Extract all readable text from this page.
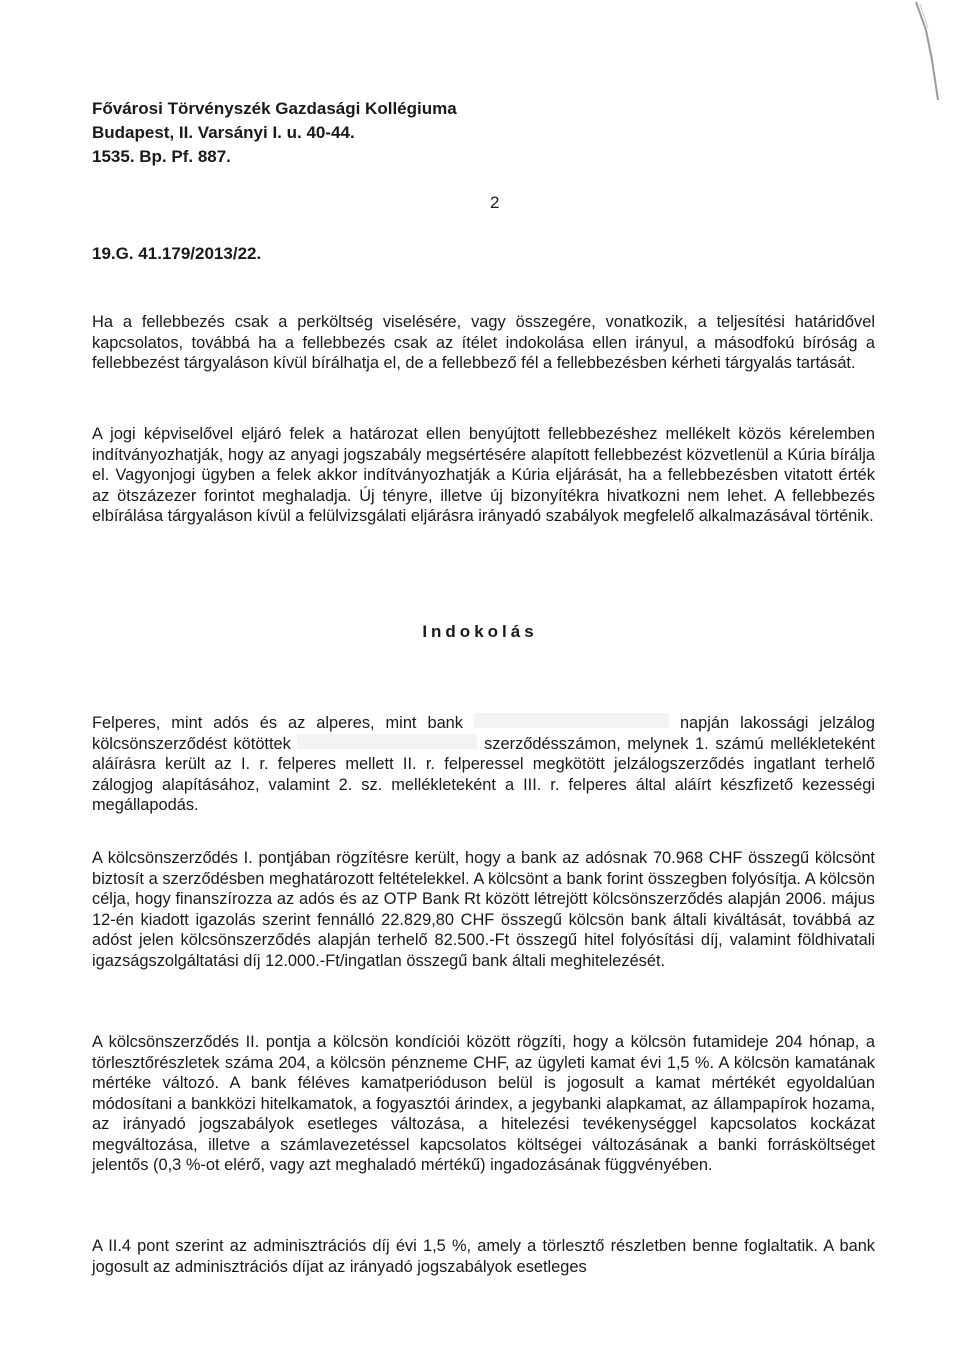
Fővárosi Törvényszék Gazdasági Kollégiuma
Budapest, II. Varsányi I. u. 40-44.
1535. Bp. Pf. 887.
2
19.G. 41.179/2013/22.
Ha a fellebbezés csak a perköltség viselésére, vagy összegére, vonatkozik, a teljesítési határidővel kapcsolatos, továbbá ha a fellebbezés csak az ítélet indokolása ellen irányul, a másodfokú bíróság a fellebbezést tárgyaláson kívül bírálhatja el, de a fellebbező fél a fellebbezésben kérheti tárgyalás tartását.
A jogi képviselővel eljáró felek a határozat ellen benyújtott fellebbezéshez mellékelt közös kérelemben indítványozhatják, hogy az anyagi jogszabály megsértésére alapított fellebbezést közvetlenül a Kúria bírálja el. Vagyonjogi ügyben a felek akkor indítványozhatják a Kúria eljárását, ha a fellebbezésben vitatott érték az ötszázezer forintot meghaladja. Új tényre, illetve új bizonyítékra hivatkozni nem lehet. A fellebbezés elbírálása tárgyaláson kívül a felülvizsgálati eljárásra irányadó szabályok megfelelő alkalmazásával történik.
Indokolás
Felperes, mint adós és az alperes, mint bank	napján lakossági jelzálog kölcsönszerződést kötöttek	szerződésszámon, melynek 1. számú mellékleteként aláírásra került az I. r. felperes mellett II. r. felperessel megkötött jelzálogszerződés ingatlant terhelő zálogjog alapításához, valamint 2. sz. mellékleteként a III. r. felperes által aláírt készfizető kezességi megállapodás.
A kölcsönszerződés I. pontjában rögzítésre került, hogy a bank az adósnak 70.968 CHF összegű kölcsönt biztosít a szerződésben meghatározott feltételekkel. A kölcsönt a bank forint összegben folyósítja. A kölcsön célja, hogy finanszírozza az adós és az OTP Bank Rt között létrejött kölcsönszerződés alapján 2006. május 12-én kiadott igazolás szerint fennálló 22.829,80 CHF összegű kölcsön bank általi kiváltását, továbbá az adóst jelen kölcsönszerződés alapján terhelő 82.500.-Ft összegű hitel folyósítási díj, valamint földhivatali igazságszolgáltatási díj 12.000.-Ft/ingatlan összegű bank általi meghitelezését.
A kölcsönszerződés II. pontja a kölcsön kondíciói között rögzíti, hogy a kölcsön futamideje 204 hónap, a törlesztőrészletek száma 204, a kölcsön pénzneme CHF, az ügyleti kamat évi 1,5 %. A kölcsön kamatának mértéke változó. A bank féléves kamatperióduson belül is jogosult a kamat mértékét egyoldalúan módosítani a bankközi hitelkamatok, a fogyasztói árindex, a jegybanki alapkamat, az állampapírok hozama, az irányadó jogszabályok esetleges változása, a hitelezési tevékenységgel kapcsolatos kockázat megváltozása, illetve a számlavezetéssel kapcsolatos költségei változásának a banki forrásköltséget jelentős (0,3 %-ot elérő, vagy azt meghaladó mértékű) ingadozásának függvényében.
A II.4 pont szerint az adminisztrációs díj évi 1,5 %, amely a törlesztő részletben benne foglaltatik. A bank jogosult az adminisztrációs díjat az irányadó jogszabályok esetleges
